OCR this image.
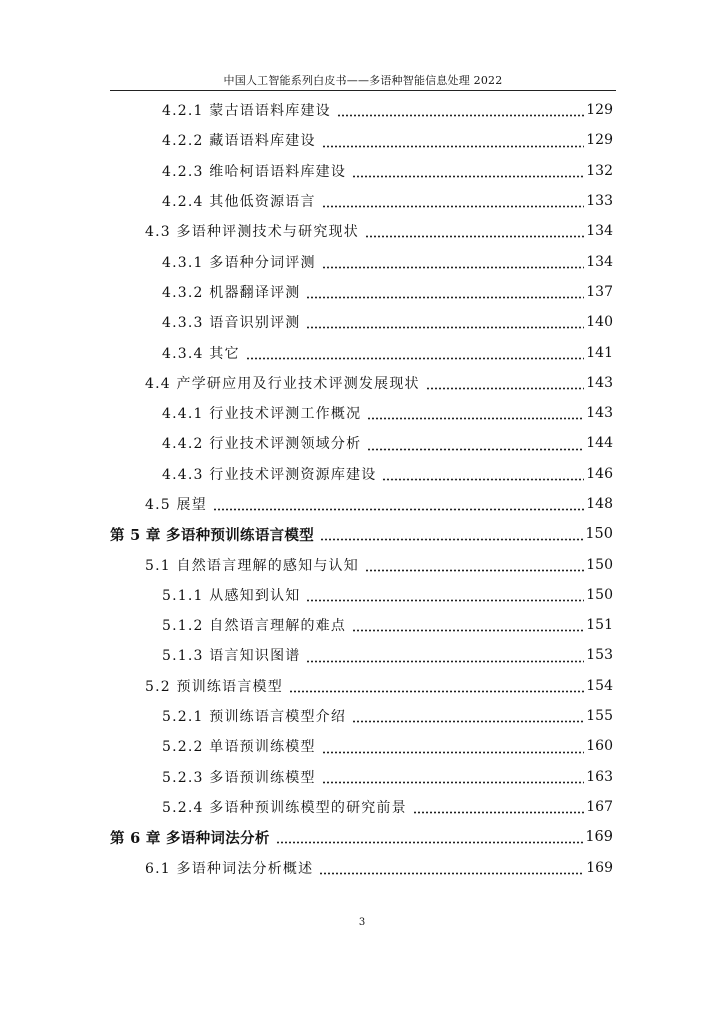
中国人工智能系列白皮书——多语种智能信息处理 2022
4.2.1 蒙古语语料库建设	129
4.2.2 藏语语料库建设	129
4.2.3 维哈柯语语料库建设	132
4.2.4 其他低资源语言	133
4.3 多语种评测技术与研究现状	134
4.3.1 多语种分词评测	134
4.3.2 机器翻译评测	137
4.3.3 语音识别评测	140
4.3.4 其它	141
4.4 产学研应用及行业技术评测发展现状	143
4.4.1 行业技术评测工作概况	143
4.4.2 行业技术评测领域分析	144
4.4.3 行业技术评测资源库建设	146
4.5 展望	148
第 5 章 多语种预训练语言模型	150
5.1 自然语言理解的感知与认知	150
5.1.1 从感知到认知	150
5.1.2 自然语言理解的难点	151
5.1.3 语言知识图谱	153
5.2 预训练语言模型	154
5.2.1 预训练语言模型介绍	155
5.2.2 单语预训练模型	160
5.2.3 多语预训练模型	163
5.2.4 多语种预训练模型的研究前景	167
第 6 章 多语种词法分析	169
6.1 多语种词法分析概述	169
3
